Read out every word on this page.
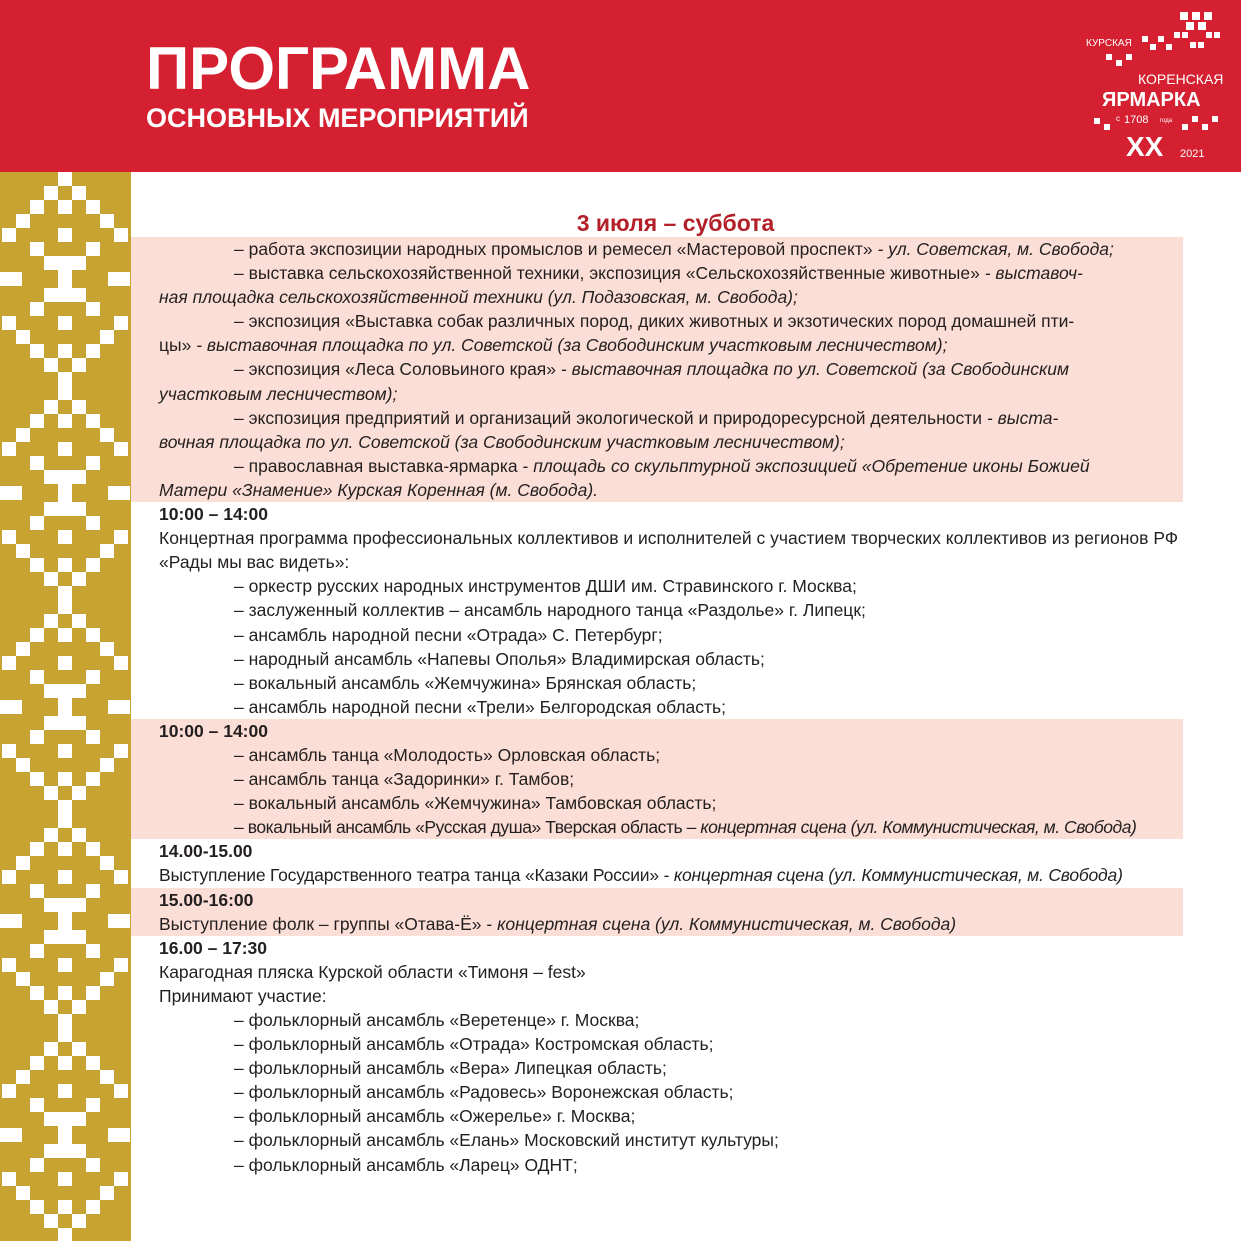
ПРОГРАММА
ОСНОВНЫХ МЕРОПРИЯТИЙ
КУРСКАЯ
КОРЕНСКАЯ
ЯРМАРКА
с 1708 года
XX 2021
3 июля – суббота
– работа экспозиции народных промыслов и ремесел «Мастеровой проспект» - ул. Советская, м. Свобода;
– выставка сельскохозяйственной техники, экспозиция «Сельскохозяйственные животные» - выставоч-
ная площадка сельскохозяйственной техники (ул. Подазовская, м. Свобода);
– экспозиция «Выставка собак различных пород, диких животных и экзотических пород домашней пти-
цы» - выставочная площадка по ул. Советской (за Свободинским участковым лесничеством);
– экспозиция «Леса Соловьиного края» - выставочная площадка по ул. Советской (за Свободинским
участковым лесничеством);
– экспозиция предприятий и организаций экологической и природоресурсной деятельности - выста-
вочная площадка по ул. Советской (за Свободинским участковым лесничеством);
– православная выставка-ярмарка - площадь со скульптурной экспозицией «Обретение иконы Божией
Матери «Знамение» Курская Коренная (м. Свобода).
10:00 – 14:00
Концертная программа профессиональных коллективов и исполнителей с участием творческих коллективов из регионов РФ «Рады мы вас видеть»:
– оркестр русских народных инструментов ДШИ им. Стравинского г. Москва;
– заслуженный коллектив – ансамбль народного танца «Раздолье» г. Липецк;
– ансамбль народной песни «Отрада» С. Петербург;
– народный ансамбль «Напевы Ополья» Владимирская область;
– вокальный ансамбль «Жемчужина» Брянская область;
– ансамбль народной песни «Трели» Белгородская область;
10:00 – 14:00
– ансамбль танца «Молодость» Орловская область;
– ансамбль танца «Задоринки» г. Тамбов;
– вокальный ансамбль «Жемчужина» Тамбовская область;
– вокальный ансамбль «Русская душа» Тверская область – концертная сцена (ул. Коммунистическая, м. Свобода)
14.00-15.00
Выступление Государственного театра танца «Казаки России» - концертная сцена (ул. Коммунистическая, м. Свобода)
15.00-16:00
Выступление фолк – группы «Отава-Ё» - концертная сцена (ул. Коммунистическая, м. Свобода)
16.00 – 17:30
Карагодная пляска Курской области «Тимоня – fest»
Принимают участие:
– фольклорный ансамбль «Веретенце» г. Москва;
– фольклорный ансамбль «Отрада» Костромская область;
– фольклорный ансамбль «Вера» Липецкая область;
– фольклорный ансамбль «Радовесь» Воронежская область;
– фольклорный ансамбль «Ожерелье» г. Москва;
– фольклорный ансамбль «Елань» Московский институт культуры;
– фольклорный ансамбль «Ларец» ОДНТ;
